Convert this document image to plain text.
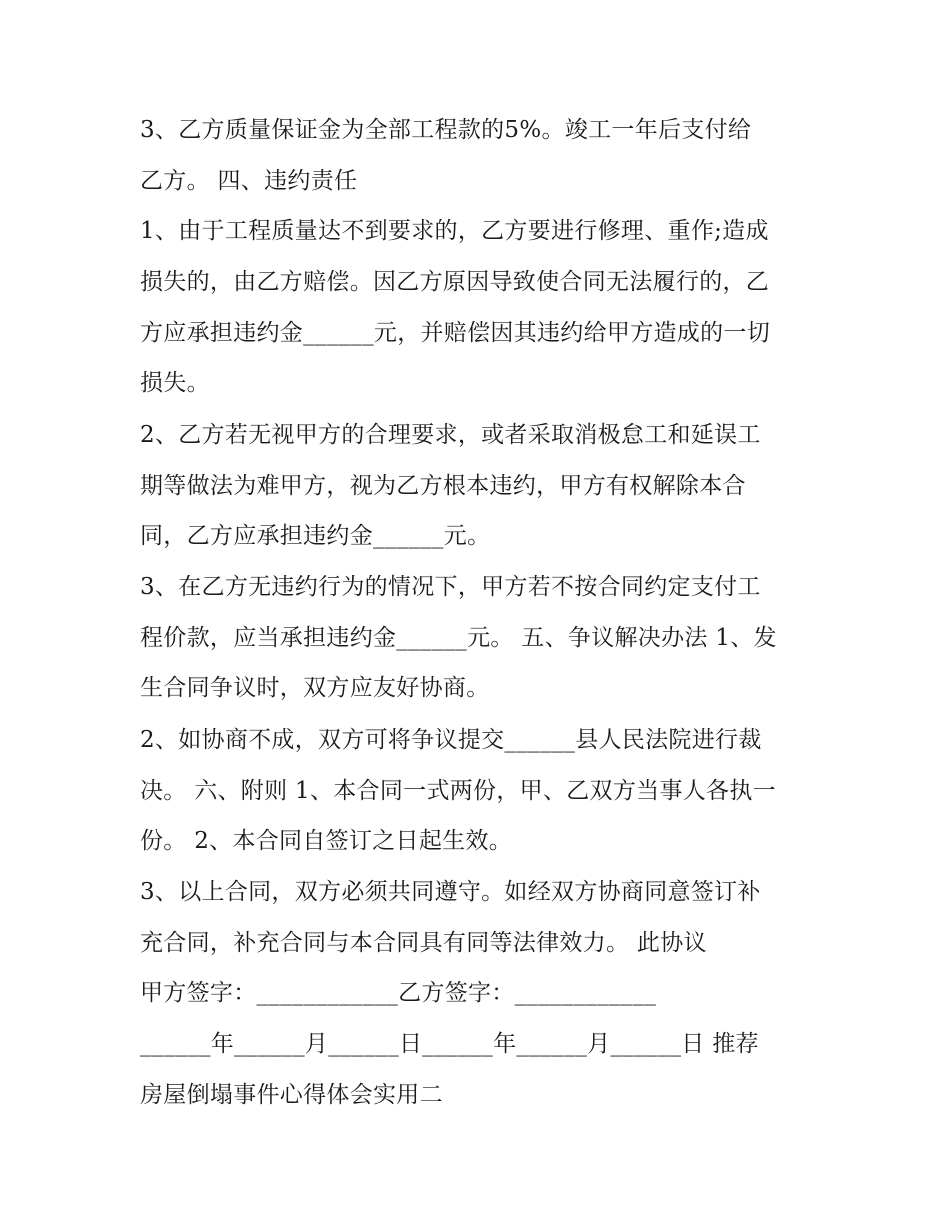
3、乙方质量保证金为全部工程款的5%。竣工一年后支付给

乙方。 四、违约责任

1、由于工程质量达不到要求的，乙方要进行修理、重作;造成

损失的，由乙方赔偿。因乙方原因导致使合同无法履行的，乙

方应承担违约金______元，并赔偿因其违约给甲方造成的一切

损失。

2、乙方若无视甲方的合理要求，或者采取消极怠工和延误工

期等做法为难甲方，视为乙方根本违约，甲方有权解除本合

同，乙方应承担违约金______元。

3、在乙方无违约行为的情况下，甲方若不按合同约定支付工

程价款，应当承担违约金______元。 五、争议解决办法 1、发

生合同争议时，双方应友好协商。

2、如协商不成，双方可将争议提交______县人民法院进行裁

决。 六、附则 1、本合同一式两份，甲、乙双方当事人各执一

份。 2、本合同自签订之日起生效。

3、以上合同，双方必须共同遵守。如经双方协商同意签订补

充合同，补充合同与本合同具有同等法律效力。 此协议

甲方签字：____________乙方签字：____________

______年______月______日______年______月______日 推荐

房屋倒塌事件心得体会实用二
